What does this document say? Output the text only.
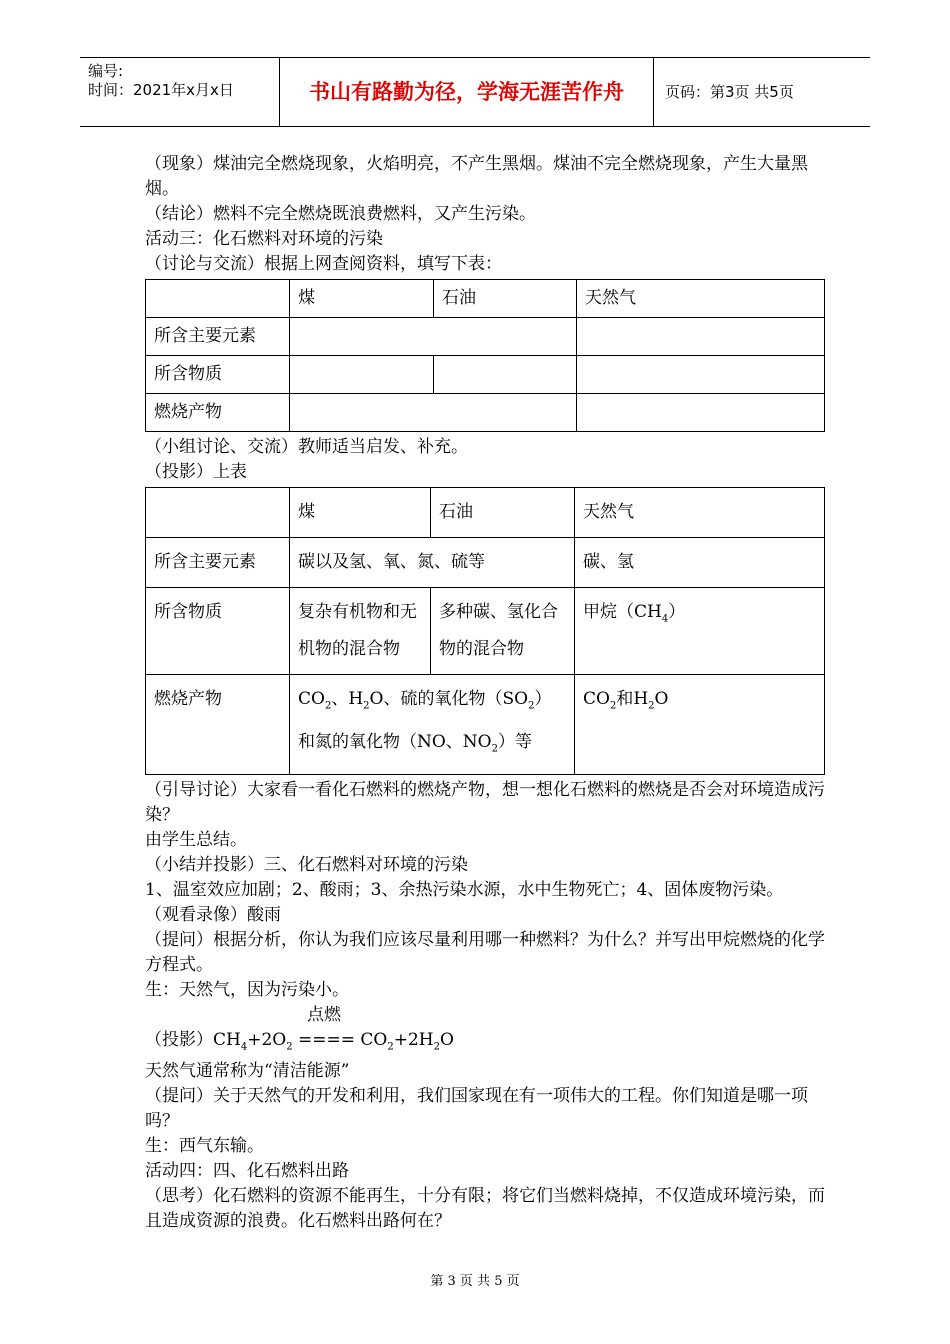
编号:
时间：2021年x月x日	书山有路勤为径，学海无涯苦作舟	页码：第3页 共5页

（现象）煤油完全燃烧现象，火焰明亮，不产生黑烟。煤油不完全燃烧现象，产生大量黑烟。

（结论）燃料不完全燃烧既浪费燃料，又产生污染。

活动三：化石燃料对环境的污染

（讨论与交流）根据上网查阅资料，填写下表：

	煤	石油	天然气
所含主要元素			
所含物质			
燃烧产物			

（小组讨论、交流）教师适当启发、补充。

（投影）上表

	煤	石油	天然气
所含主要元素	碳以及氢、氧、氮、硫等		碳、氢
所含物质	复杂有机物和无机物的混合物	多种碳、氢化合物的混合物	甲烷$(CH_4)$
燃烧产物	$CO_2$、$H_2O$、硫的氧化物$(SO_2)$和氮的氧化物（NO、$NO_2$）等		$CO_2$和$H_2O$

（引导讨论）大家看一看化石燃料的燃烧产物，想一想化石燃料的燃烧是否会对环境造成污染？

由学生总结。

（小结并投影）三、化石燃料对环境的污染

1、温室效应加剧；2、酸雨；3、余热污染水源，水中生物死亡；4、固体废物污染。

（观看录像）酸雨

（提问）根据分析，你认为我们应该尽量利用哪一种燃料？为什么？并写出甲烷燃烧的化学方程式。

生：天然气，因为污染小。

点燃

（投影）$CH_4+2O_2$ ==== $CO_2+2H_2O$

天然气通常称为“清洁能源”

（提问）关于天然气的开发和利用，我们国家现在有一项伟大的工程。你们知道是哪一项吗？

生：西气东输。

活动四：四、化石燃料出路

（思考）化石燃料的资源不能再生，十分有限；将它们当燃料烧掉，不仅造成环境污染，而且造成资源的浪费。化石燃料出路何在？

第 3 页 共 5 页
